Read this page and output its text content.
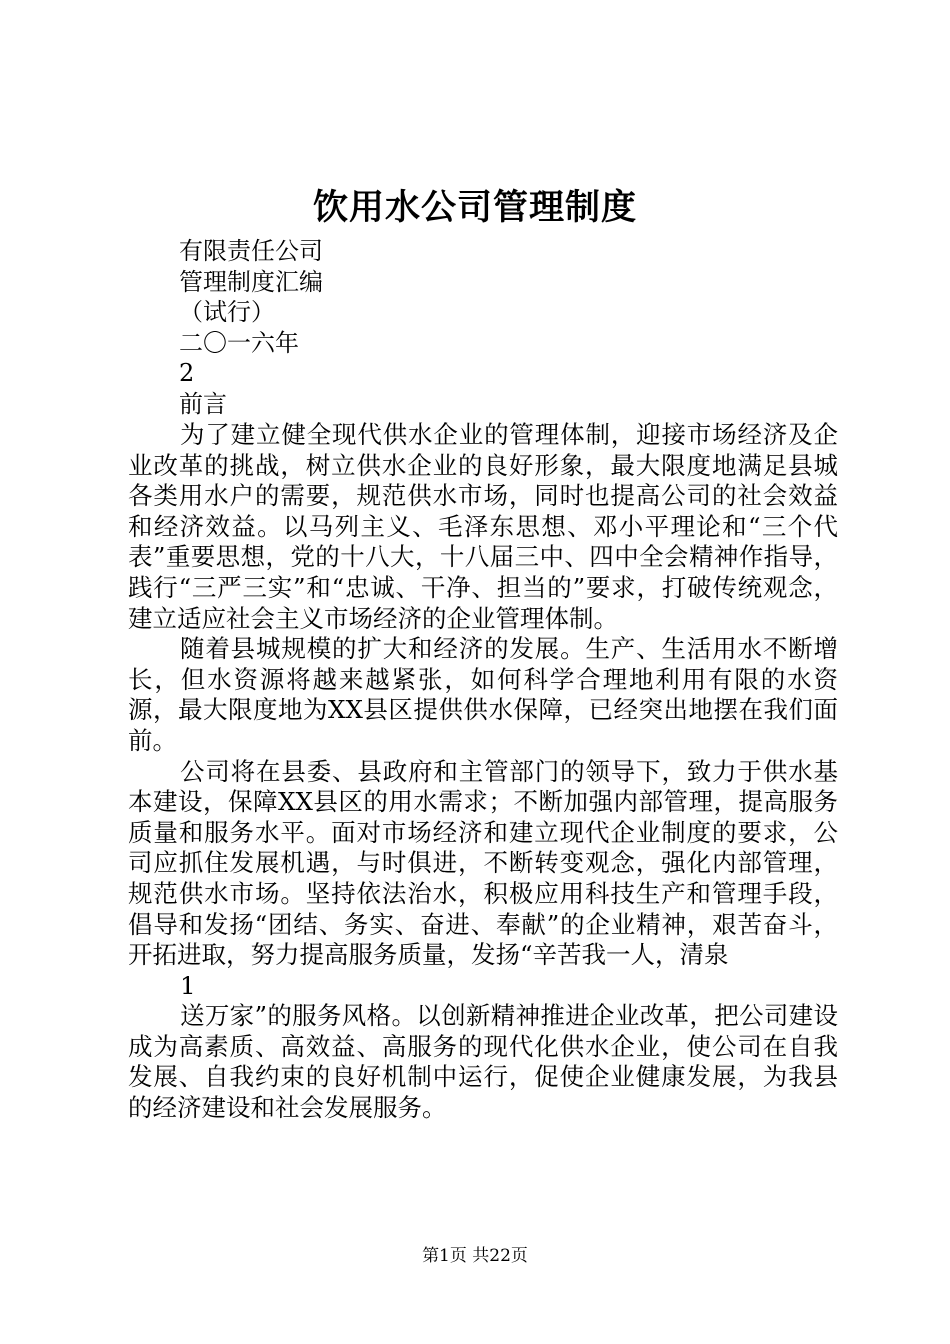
饮用水公司管理制度
有限责任公司
管理制度汇编
（试行）
二〇一六年
2
前言

为了建立健全现代供水企业的管理体制，迎接市场经济及企业改革的挑战，树立供水企业的良好形象，最大限度地满足县城各类用水户的需要，规范供水市场，同时也提高公司的社会效益和经济效益。以马列主义、毛泽东思想、邓小平理论和“三个代表”重要思想，党的十八大，十八届三中、四中全会精神作指导，践行“三严三实”和“忠诚、干净、担当的”要求，打破传统观念，建立适应社会主义市场经济的企业管理体制。

随着县城规模的扩大和经济的发展。生产、生活用水不断增长，但水资源将越来越紧张，如何科学合理地利用有限的水资源，最大限度地为XX县区提供供水保障，已经突出地摆在我们面前。

公司将在县委、县政府和主管部门的领导下，致力于供水基本建设，保障XX县区的用水需求；不断加强内部管理，提高服务质量和服务水平。面对市场经济和建立现代企业制度的要求，公司应抓住发展机遇，与时俱进，不断转变观念，强化内部管理，规范供水市场。坚持依法治水，积极应用科技生产和管理手段，倡导和发扬“团结、务实、奋进、奉献”的企业精神，艰苦奋斗，开拓进取，努力提高服务质量，发扬“辛苦我一人，清泉

1

送万家”的服务风格。以创新精神推进企业改革，把公司建设成为高素质、高效益、高服务的现代化供水企业，使公司在自我发展、自我约束的良好机制中运行，促使企业健康发展，为我县的经济建设和社会发展服务。

第1页 共22页
